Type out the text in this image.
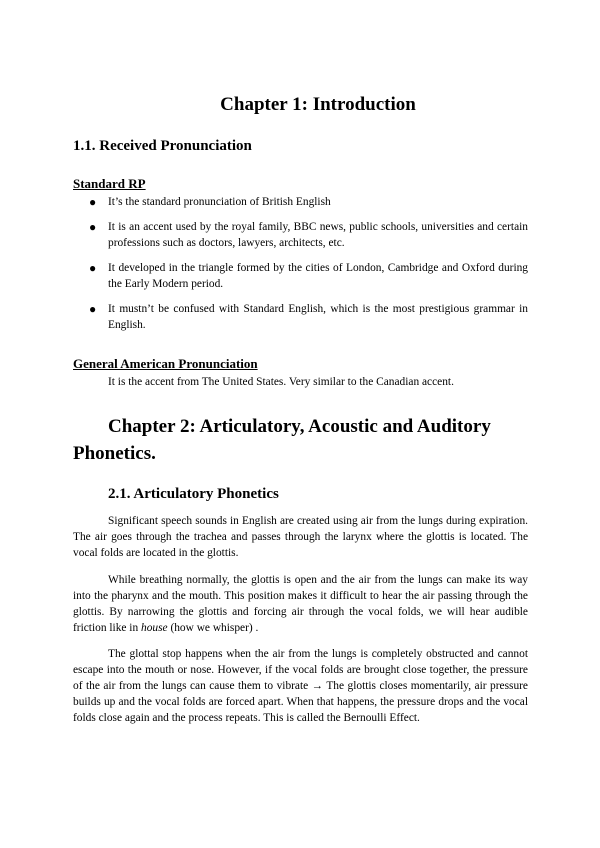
Chapter 1: Introduction
1.1. Received Pronunciation
Standard RP
● It’s the standard pronunciation of British English
● It is an accent used by the royal family, BBC news, public schools, universities and certain professions such as doctors, lawyers, architects, etc.
● It developed in the triangle formed by the cities of London, Cambridge and Oxford during the Early Modern period.
● It mustn’t be confused with Standard English, which is the most prestigious grammar in English.
General American Pronunciation

It is the accent from The United States. Very similar to the Canadian accent.

Chapter 2: Articulatory, Acoustic and Auditory Phonetics.
2.1. Articulatory Phonetics

Significant speech sounds in English are created using air from the lungs during expiration. The air goes through the trachea and passes through the larynx where the glottis is located. The vocal folds are located in the glottis.

While breathing normally, the glottis is open and the air from the lungs can make its way into the pharynx and the mouth. This position makes it difficult to hear the air passing through the glottis. By narrowing the glottis and forcing air through the vocal folds, we will hear audible friction like in house (how we whisper) .

The glottal stop happens when the air from the lungs is completely obstructed and cannot escape into the mouth or nose. However, if the vocal folds are brought close together, the pressure of the air from the lungs can cause them to vibrate → The glottis closes momentarily, air pressure builds up and the vocal folds are forced apart. When that happens, the pressure drops and the vocal folds close again and the process repeats. This is called the Bernoulli Effect.
